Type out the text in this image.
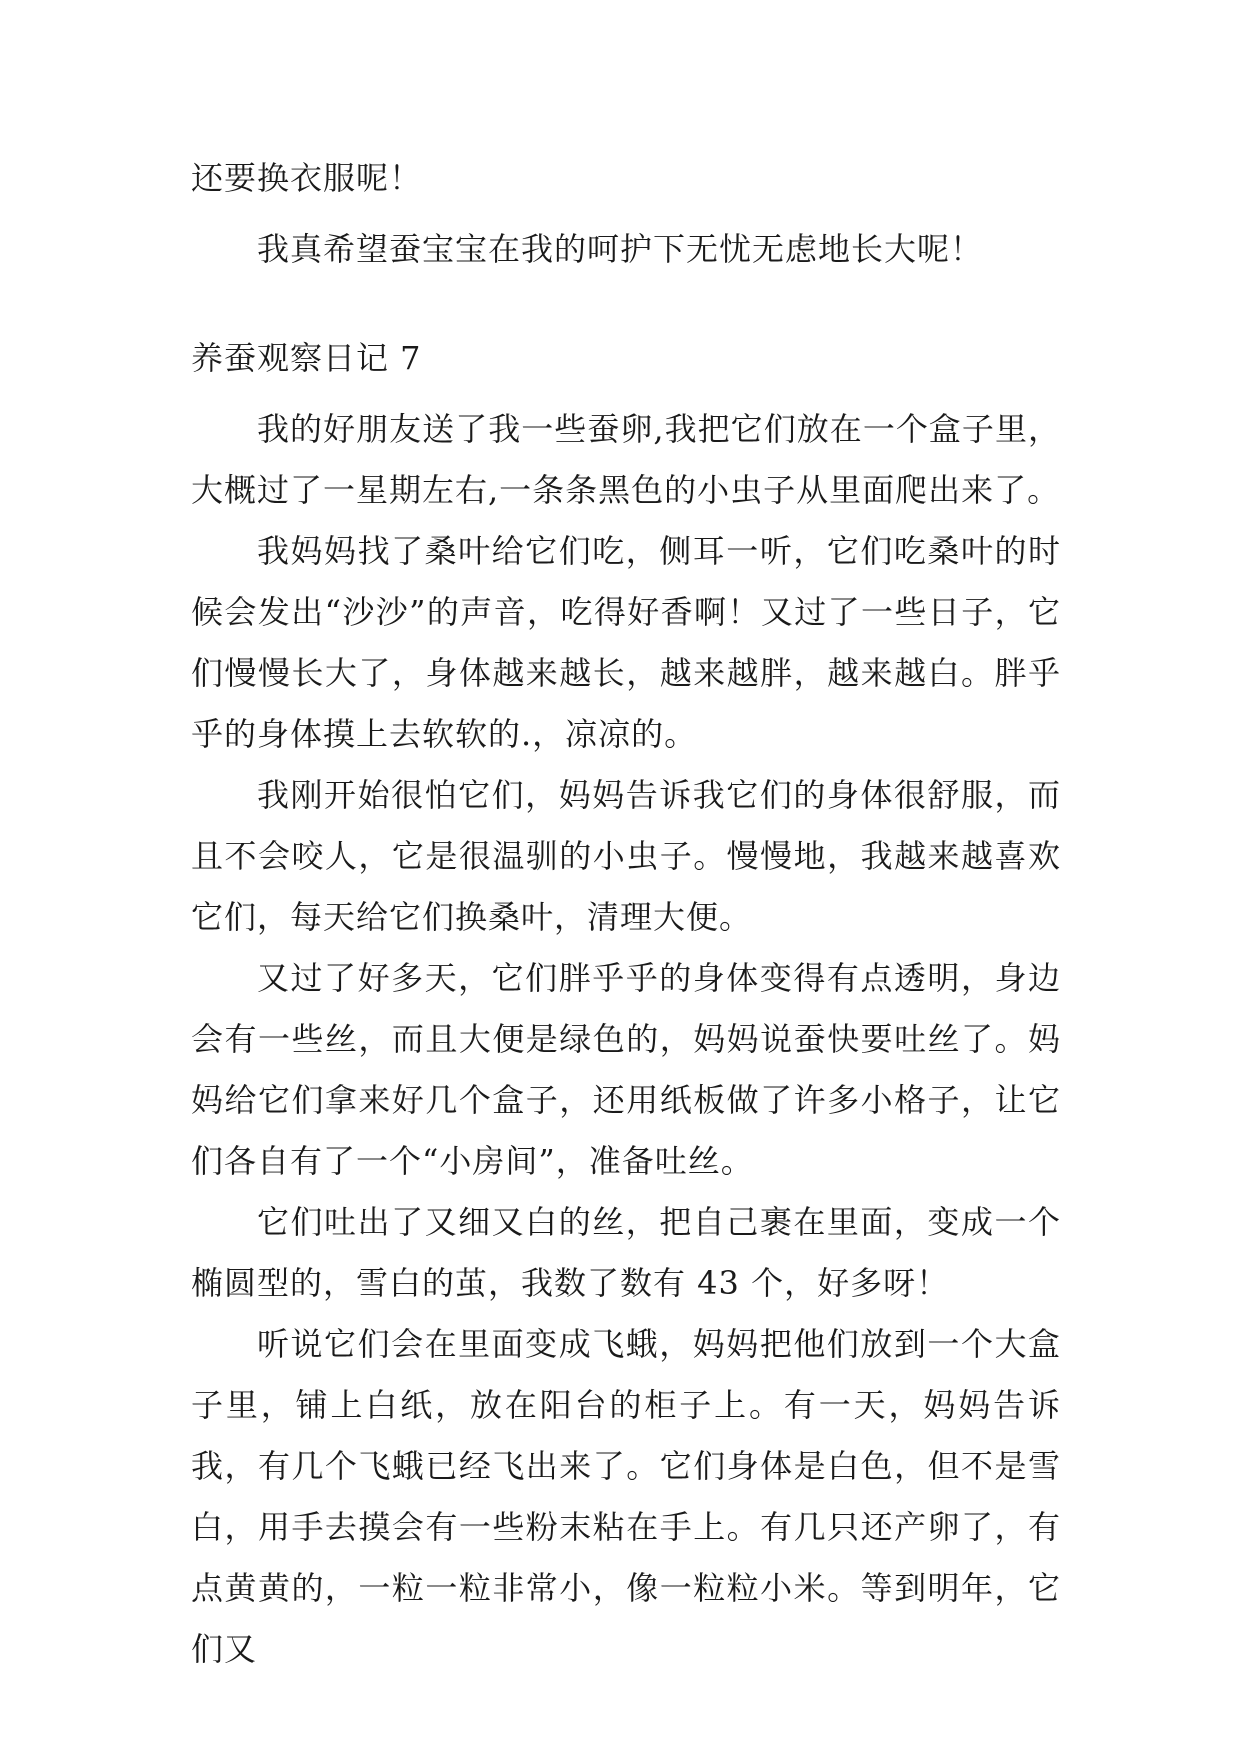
还要换衣服呢！

我真希望蚕宝宝在我的呵护下无忧无虑地长大呢！

养蚕观察日记 7

我的好朋友送了我一些蚕卵,我把它们放在一个盒子里，大概过了一星期左右,一条条黑色的小虫子从里面爬出来了。

我妈妈找了桑叶给它们吃，侧耳一听，它们吃桑叶的时候会发出“沙沙”的声音，吃得好香啊！又过了一些日子，它们慢慢长大了，身体越来越长，越来越胖，越来越白。胖乎乎的身体摸上去软软的.，凉凉的。

我刚开始很怕它们，妈妈告诉我它们的身体很舒服，而且不会咬人，它是很温驯的小虫子。慢慢地，我越来越喜欢它们，每天给它们换桑叶，清理大便。

又过了好多天，它们胖乎乎的身体变得有点透明，身边会有一些丝，而且大便是绿色的，妈妈说蚕快要吐丝了。妈妈给它们拿来好几个盒子，还用纸板做了许多小格子，让它们各自有了一个“小房间”，准备吐丝。

它们吐出了又细又白的丝，把自己裹在里面，变成一个椭圆型的，雪白的茧，我数了数有 43 个，好多呀！

听说它们会在里面变成飞蛾，妈妈把他们放到一个大盒子里，铺上白纸，放在阳台的柜子上。有一天，妈妈告诉我，有几个飞蛾已经飞出来了。它们身体是白色，但不是雪白，用手去摸会有一些粉末粘在手上。有几只还产卵了，有点黄黄的，一粒一粒非常小，像一粒粒小米。等到明年，它们又
